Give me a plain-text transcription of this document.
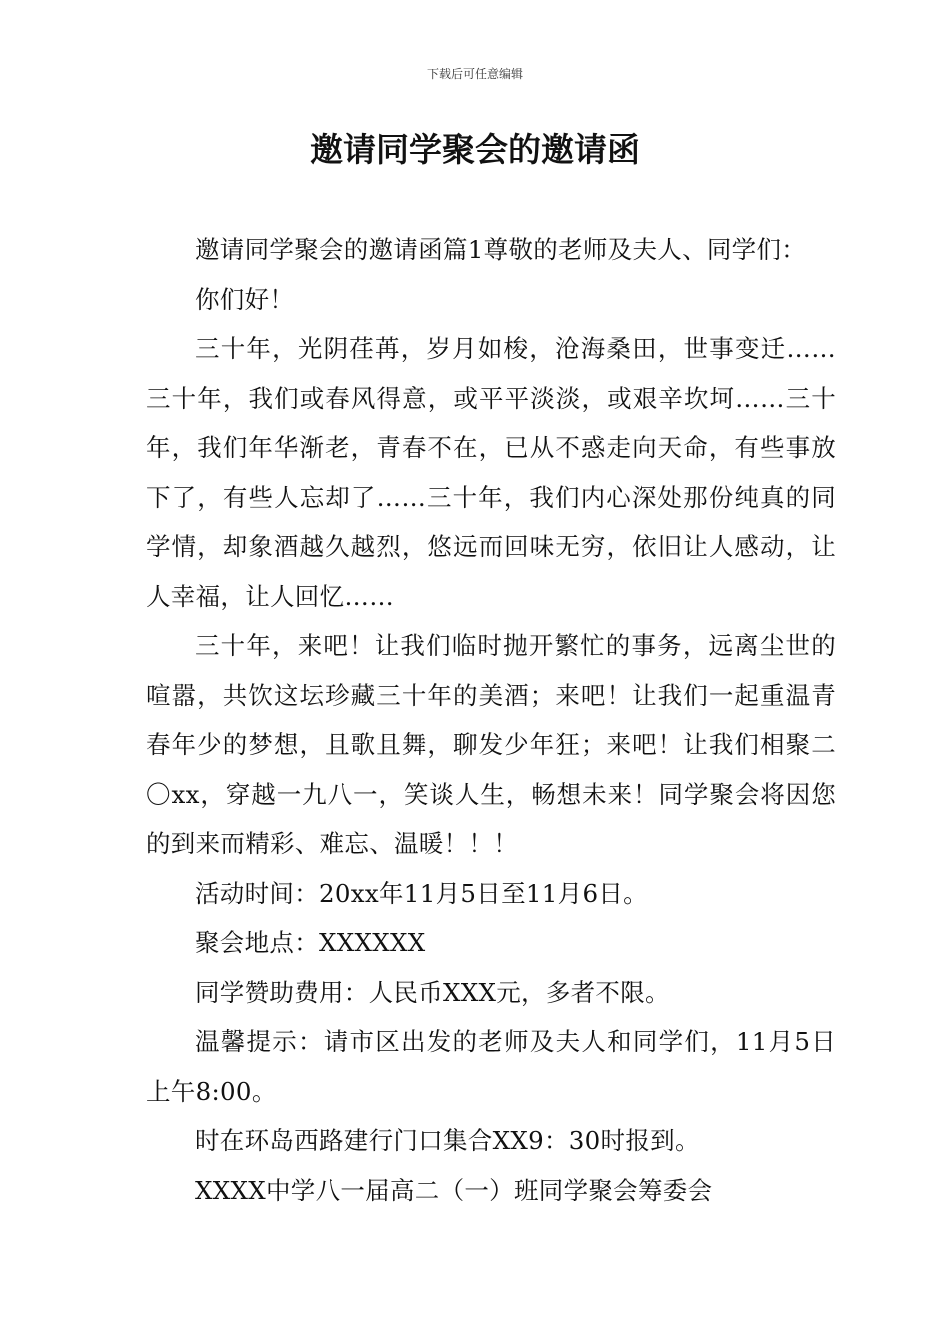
下载后可任意编辑
邀请同学聚会的邀请函

邀请同学聚会的邀请函篇1尊敬的老师及夫人、同学们：

你们好！

三十年，光阴荏苒，岁月如梭，沧海桑田，世事变迁……三十年，我们或春风得意，或平平淡淡，或艰辛坎坷……三十年，我们年华渐老，青春不在，已从不惑走向天命，有些事放下了，有些人忘却了……三十年，我们内心深处那份纯真的同学情，却象酒越久越烈，悠远而回味无穷，依旧让人感动，让人幸福，让人回忆……

三十年，来吧！让我们临时抛开繁忙的事务，远离尘世的喧嚣，共饮这坛珍藏三十年的美酒；来吧！让我们一起重温青春年少的梦想，且歌且舞，聊发少年狂；来吧！让我们相聚二〇xx，穿越一九八一，笑谈人生，畅想未来！同学聚会将因您的到来而精彩、难忘、温暖！！！

活动时间：20xx年11月5日至11月6日。

聚会地点：XXXXXX

同学赞助费用：人民币XXX元，多者不限。

温馨提示：请市区出发的老师及夫人和同学们，11月5日上午8:00。

时在环岛西路建行门口集合XX9：30时报到。

XXXX中学八一届高二（一）班同学聚会筹委会
